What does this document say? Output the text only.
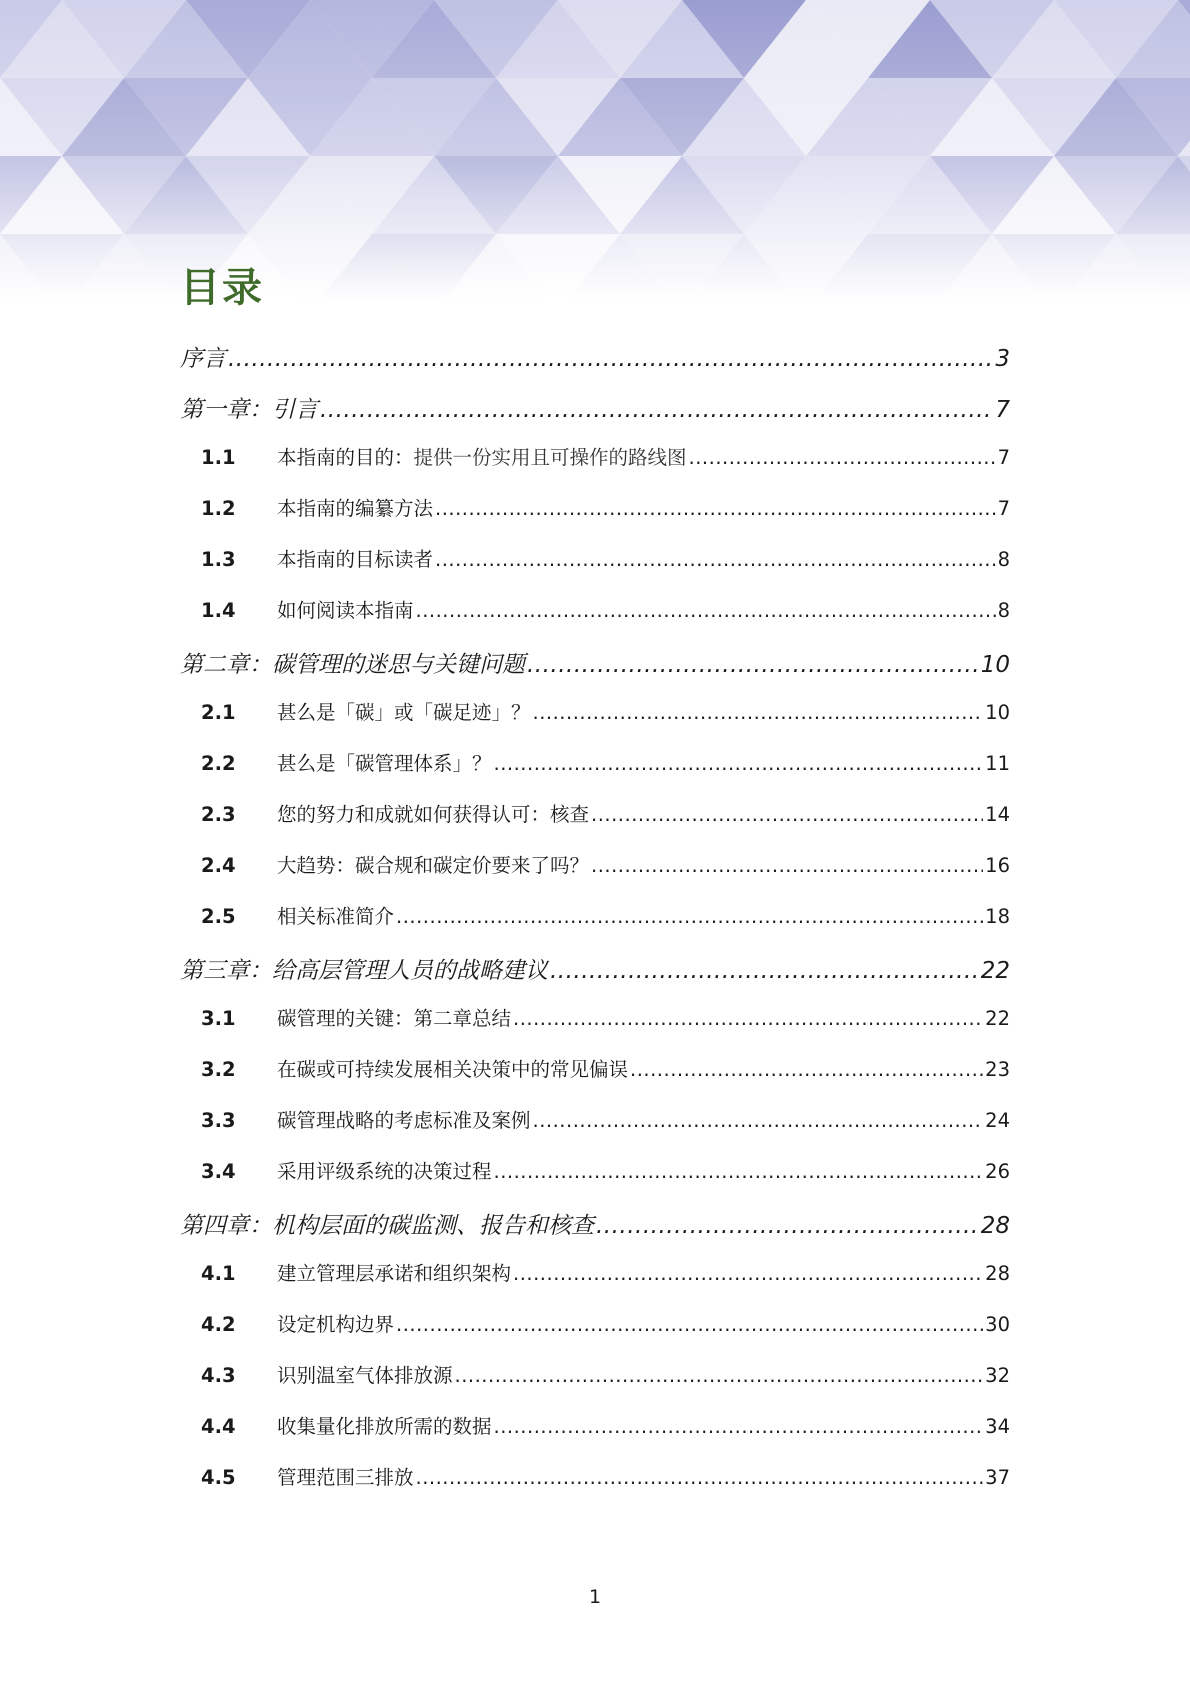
目录
序言 .....	3
第一章：引言 .....	7
1.1	本指南的目的：提供一份实用且可操作的路线图 .....	7
1.2	本指南的编纂方法 .....	7
1.3	本指南的目标读者 .....	8
1.4	如何阅读本指南 .....	8
第二章：碳管理的迷思与关键问题 .....	10
2.1	甚么是「碳」或「碳足迹」？ .....	10
2.2	甚么是「碳管理体系」？ .....	11
2.3	您的努力和成就如何获得认可：核查 .....	14
2.4	大趋势：碳合规和碳定价要来了吗？ .....	16
2.5	相关标准简介 .....	18
第三章：给高层管理人员的战略建议 .....	22
3.1	碳管理的关键：第二章总结 .....	22
3.2	在碳或可持续发展相关决策中的常见偏误 .....	23
3.3	碳管理战略的考虑标准及案例 .....	24
3.4	采用评级系统的决策过程 .....	26
第四章：机构层面的碳监测、报告和核查 .....	28
4.1	建立管理层承诺和组织架构 .....	28
4.2	设定机构边界 .....	30
4.3	识别温室气体排放源 .....	32
4.4	收集量化排放所需的数据 .....	34
4.5	管理范围三排放 .....	37
1
